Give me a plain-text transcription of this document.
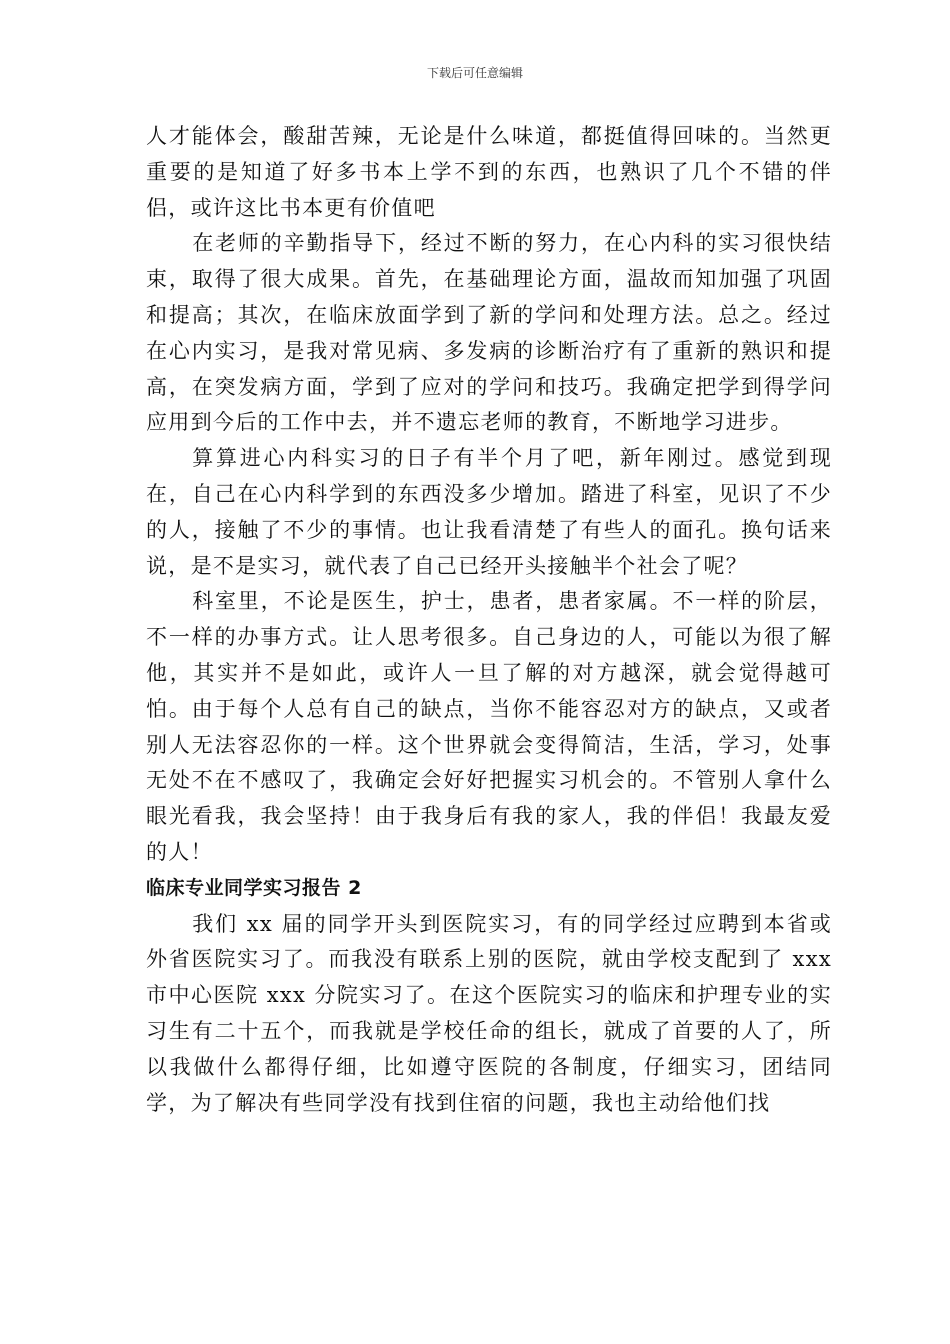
下载后可任意编辑

人才能体会，酸甜苦辣，无论是什么味道，都挺值得回味的。当然更重要的是知道了好多书本上学不到的东西，也熟识了几个不错的伴侣，或许这比书本更有价值吧

在老师的辛勤指导下，经过不断的努力，在心内科的实习很快结束，取得了很大成果。首先，在基础理论方面，温故而知加强了巩固和提高；其次，在临床放面学到了新的学问和处理方法。总之。经过在心内实习，是我对常见病、多发病的诊断治疗有了重新的熟识和提高，在突发病方面，学到了应对的学问和技巧。我确定把学到得学问应用到今后的工作中去，并不遗忘老师的教育，不断地学习进步。

算算进心内科实习的日子有半个月了吧，新年刚过。感觉到现在，自己在心内科学到的东西没多少增加。踏进了科室，见识了不少的人，接触了不少的事情。也让我看清楚了有些人的面孔。换句话来说，是不是实习，就代表了自己已经开头接触半个社会了呢？

科室里，不论是医生，护士，患者，患者家属。不一样的阶层，不一样的办事方式。让人思考很多。自己身边的人，可能以为很了解他，其实并不是如此，或许人一旦了解的对方越深，就会觉得越可怕。由于每个人总有自己的缺点，当你不能容忍对方的缺点，又或者别人无法容忍你的一样。这个世界就会变得简洁，生活，学习，处事无处不在不感叹了，我确定会好好把握实习机会的。不管别人拿什么眼光看我，我会坚持！由于我身后有我的家人，我的伴侣！我最友爱的人！

临床专业同学实习报告 2

我们 xx 届的同学开头到医院实习，有的同学经过应聘到本省或外省医院实习了。而我没有联系上别的医院，就由学校支配到了 xxx 市中心医院 xxx 分院实习了。在这个医院实习的临床和护理专业的实习生有二十五个，而我就是学校任命的组长，就成了首要的人了，所以我做什么都得仔细，比如遵守医院的各制度，仔细实习，团结同学，为了解决有些同学没有找到住宿的问题，我也主动给他们找
